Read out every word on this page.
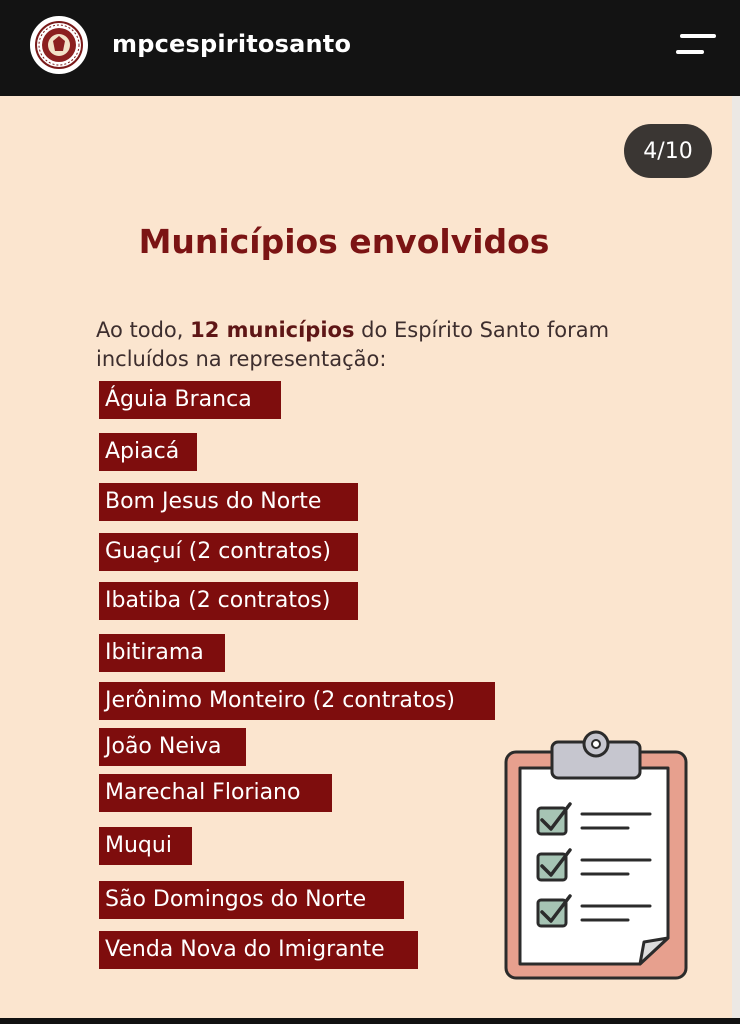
mpcespiritosanto
4/10
Municípios envolvidos
Ao todo, 12 municípios do Espírito Santo foram incluídos na representação:
Águia Branca
Apiacá
Bom Jesus do Norte
Guaçuí (2 contratos)
Ibatiba (2 contratos)
Ibitirama
Jerônimo Monteiro (2 contratos)
João Neiva
Marechal Floriano
Muqui
São Domingos do Norte
Venda Nova do Imigrante
